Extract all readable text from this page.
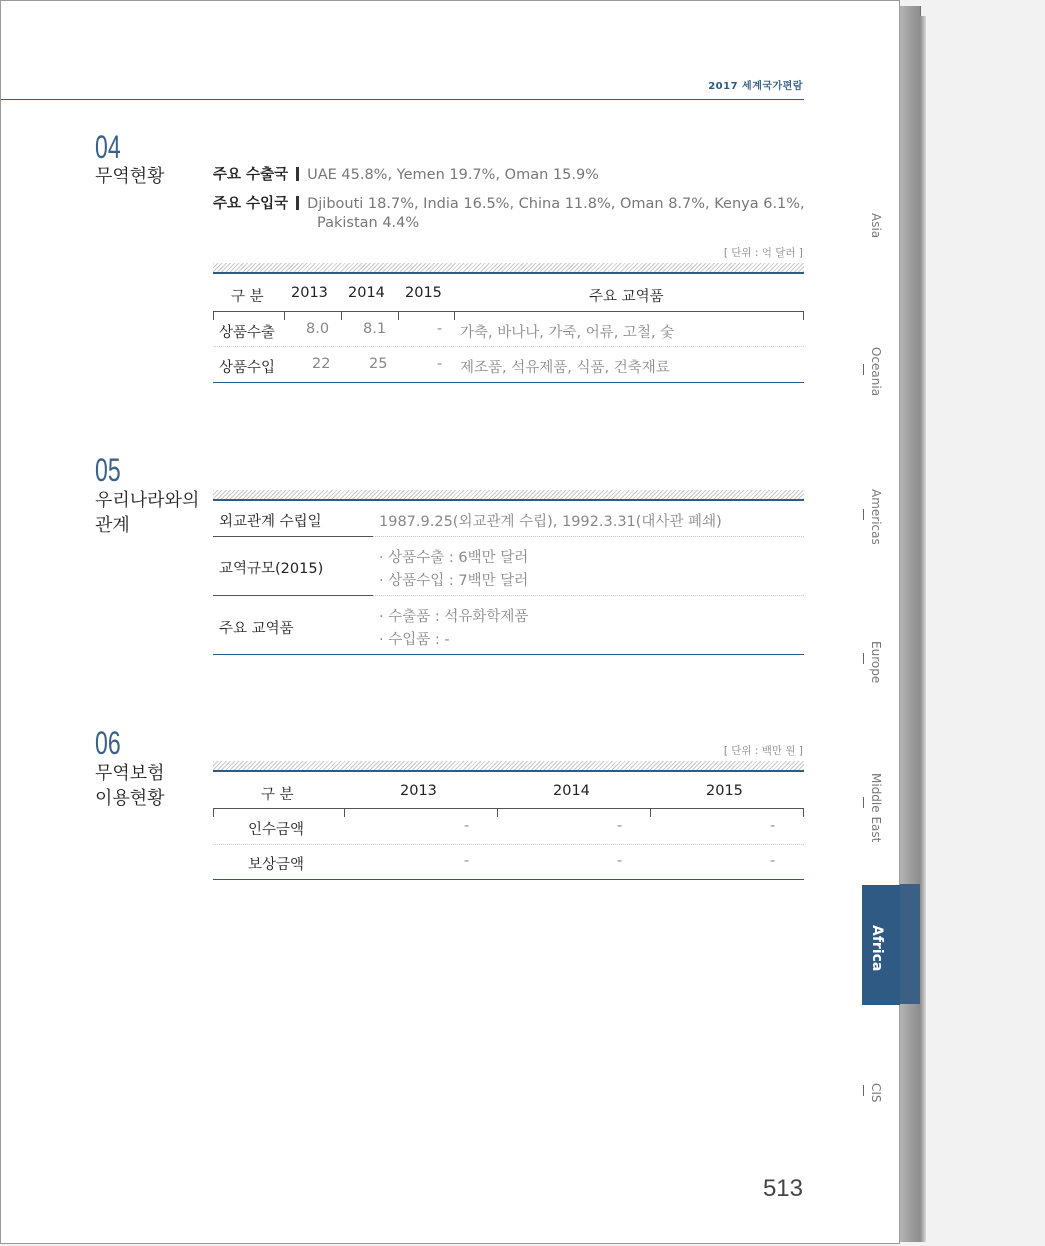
2017 세계국가편람
04
무역현황	주요 수출국 UAE 45.8%, Yemen 19.7%, Oman 15.9%
주요 수입국 Djibouti 18.7%, India 16.5%, China 11.8%, Oman 8.7%, Kenya 6.1%,
Pakistan 4.4%
[ 단위 : 억 달러 ]
구 분 2013 2014 2015	주요 교역품
상품수출 8.0 8.1	- 가축, 바나나, 가죽, 어류, 고철, 숯
상품수입	22	25	- 제조품, 석유제품, 식품, 건축재료
05
우리나라와의
관계	외교관계 수립일	1987.9.25(외교관계 수립), 1992.3.31(대사관 폐쇄)
교역규모(2015)
· 상품수출 : 6백만 달러
· 상품수입 : 7백만 달러
주요 교역품
· 수출품 : 석유화학제품
· 수입품 : -
06
무역보험
이용현황
[ 단위 : 백만 원 ]
구 분	2013	2014	2015
인수금액	-	-	-
보상금액	-	-	-
Asia
Oceania
Americas
Europe
Middle East
Africa
CIS
513
